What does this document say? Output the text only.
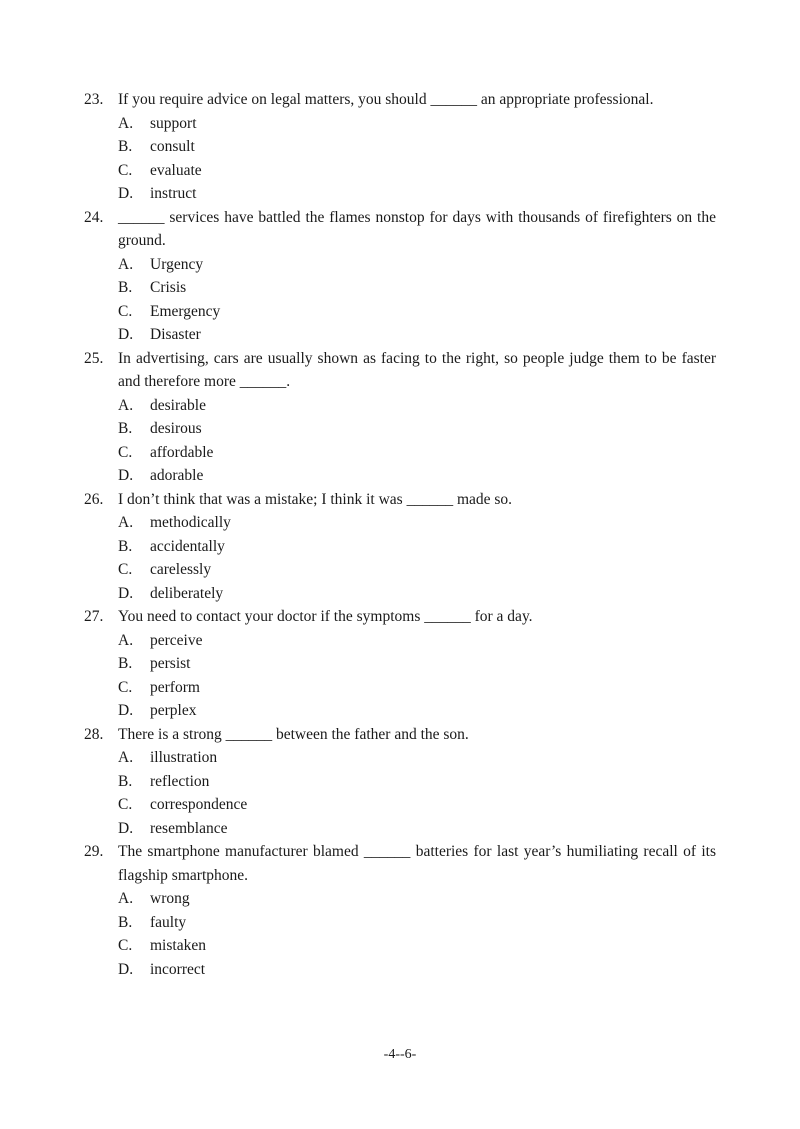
23. If you require advice on legal matters, you should ______ an appropriate professional.
A.	support
B.	consult
C.	evaluate
D.	instruct
24. ______ services have battled the flames nonstop for days with thousands of firefighters on the ground.
A.	Urgency
B.	Crisis
C.	Emergency
D.	Disaster
25. In advertising, cars are usually shown as facing to the right, so people judge them to be faster and therefore more ______.
A.	desirable
B.	desirous
C.	affordable
D.	adorable
26. I don’t think that was a mistake; I think it was ______ made so.
A.	methodically
B.	accidentally
C.	carelessly
D.	deliberately
27. You need to contact your doctor if the symptoms ______ for a day.
A.	perceive
B.	persist
C.	perform
D.	perplex
28. There is a strong ______ between the father and the son.
A.	illustration
B.	reflection
C.	correspondence
D.	resemblance
29. The smartphone manufacturer blamed ______ batteries for last year’s humiliating recall of its flagship smartphone.
A.	wrong
B.	faulty
C.	mistaken
D.	incorrect
-4--6-
